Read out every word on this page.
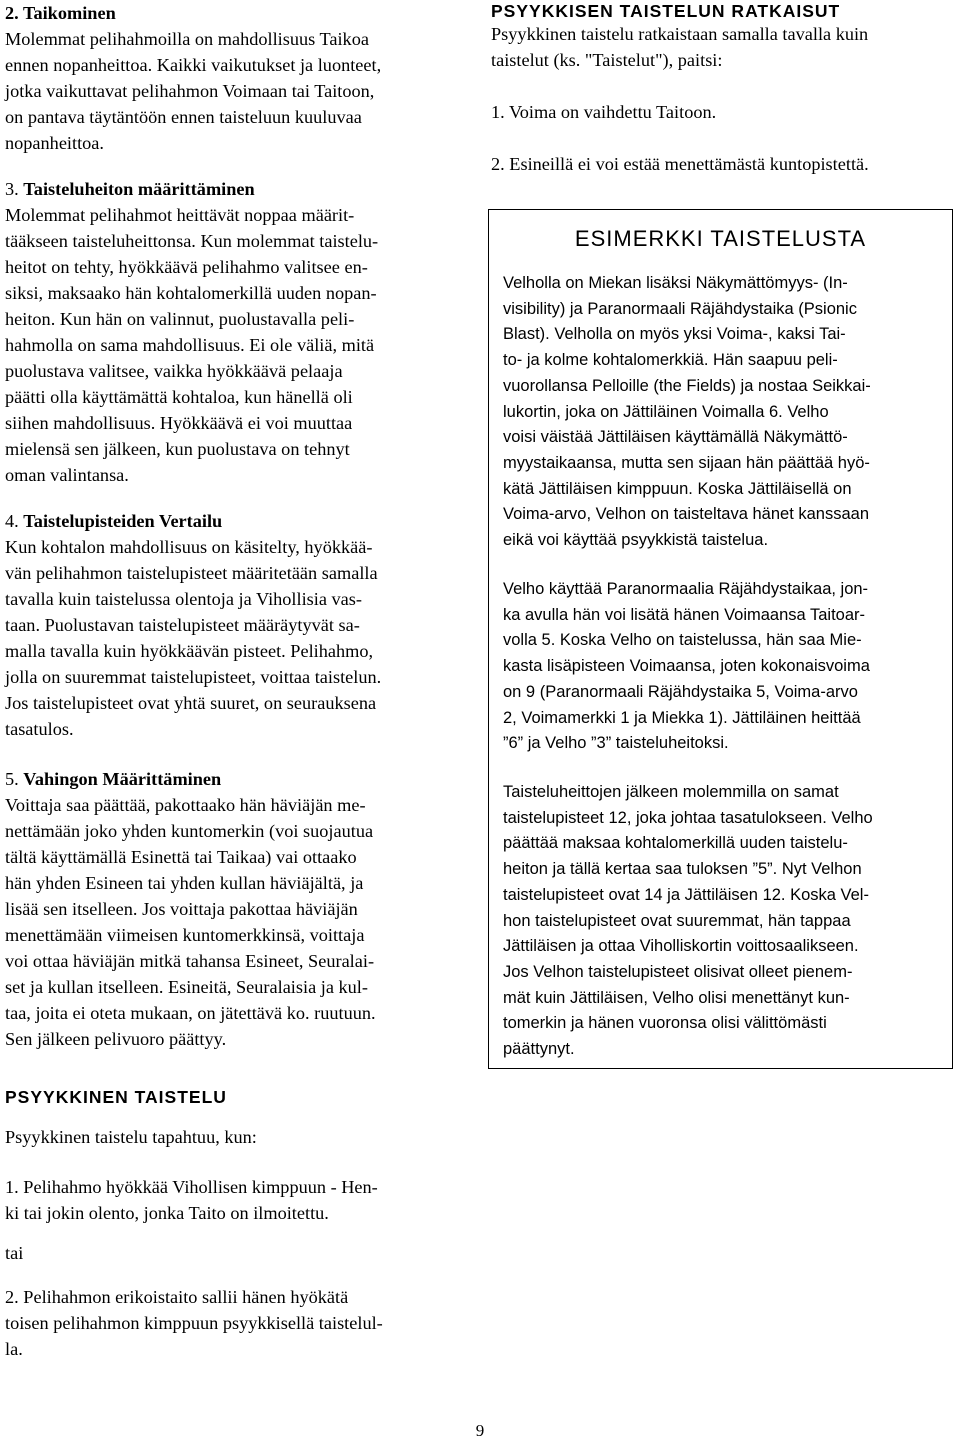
2. Taikominen
Molemmat pelihahmoilla on mahdollisuus Taikoa
ennen nopanheittoa. Kaikki vaikutukset ja luonteet,
jotka vaikuttavat pelihahmon Voimaan tai Taitoon,
on pantava täytäntöön ennen taisteluun kuuluvaa
nopanheittoa.
3. Taisteluheiton määrittäminen
Molemmat pelihahmot heittävät noppaa määrit-
tääkseen taisteluheittonsa. Kun molemmat taistelu-
heitot on tehty, hyökkäävä pelihahmo valitsee en-
siksi, maksaako hän kohtalomerkillä uuden nopan-
heiton. Kun hän on valinnut, puolustavalla peli-
hahmolla on sama mahdollisuus. Ei ole väliä, mitä
puolustava valitsee, vaikka hyökkäävä pelaaja
päätti olla käyttämättä kohtaloa, kun hänellä oli
siihen mahdollisuus. Hyökkäävä ei voi muuttaa
mielensä sen jälkeen, kun puolustava on tehnyt
oman valintansa.
4. Taistelupisteiden Vertailu
Kun kohtalon mahdollisuus on käsitelty, hyökkää-
vän pelihahmon taistelupisteet määritetään samalla
tavalla kuin taistelussa olentoja ja Vihollisia vas-
taan. Puolustavan taistelupisteet määräytyvät sa-
malla tavalla kuin hyökkäävän pisteet. Pelihahmo,
jolla on suuremmat taistelupisteet, voittaa taistelun.
Jos taistelupisteet ovat yhtä suuret, on seurauksena
tasatulos.
5. Vahingon Määrittäminen
Voittaja saa päättää, pakottaako hän häviäjän me-
nettämään joko yhden kuntomerkin (voi suojautua
tältä käyttämällä Esinettä tai Taikaa) vai ottaako
hän yhden Esineen tai yhden kullan häviäjältä, ja
lisää sen itselleen. Jos voittaja pakottaa häviäjän
menettämään viimeisen kuntomerkkinsä, voittaja
voi ottaa häviäjän mitkä tahansa Esineet, Seuralai-
set ja kullan itselleen. Esineitä, Seuralaisia ja kul-
taa, joita ei oteta mukaan, on jätettävä ko. ruutuun.
Sen jälkeen pelivuoro päättyy.
PSYYKKINEN TAISTELU
Psyykkinen taistelu tapahtuu, kun:
1. Pelihahmo hyökkää Vihollisen kimppuun - Hen-
ki tai jokin olento, jonka Taito on ilmoitettu.
tai
2. Pelihahmon erikoistaito sallii hänen hyökätä
toisen pelihahmon kimppuun psyykkisellä taistelul-
la.
PSYYKKISEN TAISTELUN RATKAISUT
Psyykkinen taistelu ratkaistaan samalla tavalla kuin
taistelut (ks. "Taistelut"), paitsi:
1. Voima on vaihdettu Taitoon.
2. Esineillä ei voi estää menettämästä kuntopistettä.
ESIMERKKI TAISTELUSTA
Velholla on Miekan lisäksi Näkymättömyys- (In-
visibility) ja Paranormaali Räjähdystaika (Psionic
Blast). Velholla on myös yksi Voima-, kaksi Tai-
to- ja kolme kohtalomerkkiä. Hän saapuu peli-
vuorollansa Pelloille (the Fields) ja nostaa Seikkai-
lukortin, joka on Jättiläinen Voimalla 6. Velho
voisi väistää Jättiläisen käyttämällä Näkymättö-
myystaikaansa, mutta sen sijaan hän päättää hyö-
kätä Jättiläisen kimppuun. Koska Jättiläisellä on
Voima-arvo, Velhon on taisteltava hänet kanssaan
eikä voi käyttää psyykkistä taistelua.
Velho käyttää Paranormaalia Räjähdystaikaa, jon-
ka avulla hän voi lisätä hänen Voimaansa Taitoar-
volla 5. Koska Velho on taistelussa, hän saa Mie-
kasta lisäpisteen Voimaansa, joten kokonaisvoima
on 9 (Paranormaali Räjähdystaika 5, Voima-arvo
2, Voimamerkki 1 ja Miekka 1). Jättiläinen heittää
”6” ja Velho ”3” taisteluheitoksi.
Taisteluheittojen jälkeen molemmilla on samat
taistelupisteet 12, joka johtaa tasatulokseen. Velho
päättää maksaa kohtalomerkillä uuden taistelu-
heiton ja tällä kertaa saa tuloksen ”5”. Nyt Velhon
taistelupisteet ovat 14 ja Jättiläisen 12. Koska Vel-
hon taistelupisteet ovat suuremmat, hän tappaa
Jättiläisen ja ottaa Viholliskortin voittosaalikseen.
Jos Velhon taistelupisteet olisivat olleet pienem-
mät kuin Jättiläisen, Velho olisi menettänyt kun-
tomerkin ja hänen vuoronsa olisi välittömästi
päättynyt.
9
